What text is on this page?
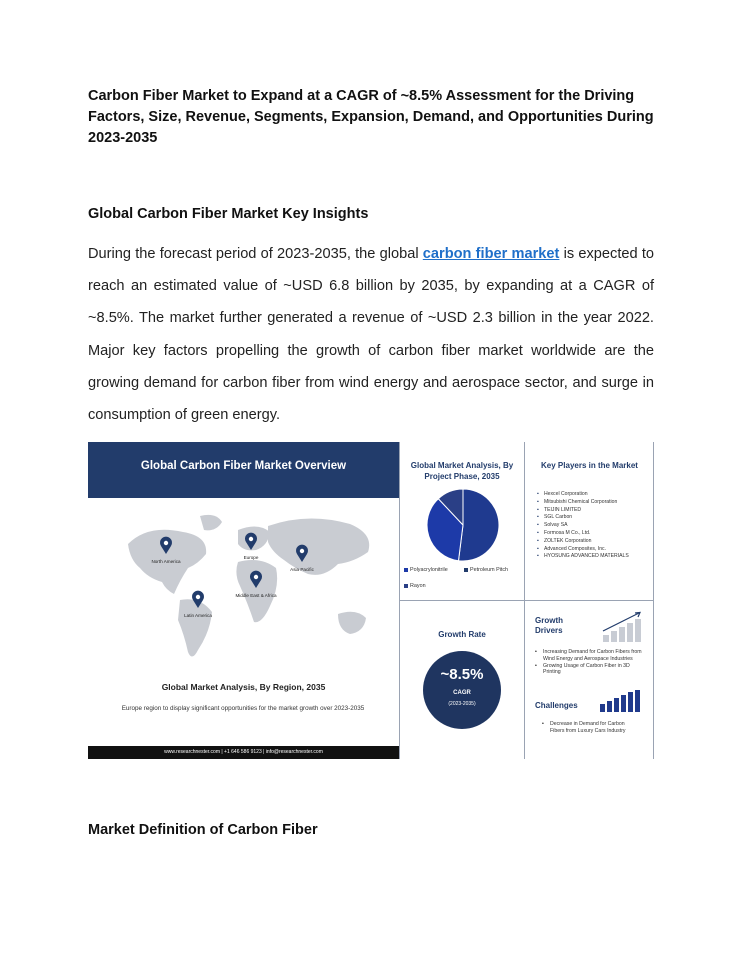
Carbon Fiber Market to Expand at a CAGR of ~8.5% Assessment for the Driving Factors, Size, Revenue, Segments, Expansion, Demand, and Opportunities During 2023-2035
Global Carbon Fiber Market Key Insights

During the forecast period of 2023-2035, the global carbon fiber market is expected to reach an estimated value of ~USD 6.8 billion by 2035, by expanding at a CAGR of ~8.5%. The market further generated a revenue of ~USD 2.3 billion in the year 2022. Major key factors propelling the growth of carbon fiber market worldwide are the growing demand for carbon fiber from wind energy and aerospace sector, and surge in consumption of green energy.

Global Carbon Fiber Market Overview
North America
Europe
Asia Pacific
Middle East & Africa
Latin America
Global Market Analysis, By Region, 2035
Europe region to display significant opportunities for the market growth over 2023-2035
www.researchnester.com | +1 646 586 9123 | info@researchnester.com
Global Market Analysis, By Project Phase, 2035
Polyacrylonitrile	Petroleum Pitch
Rayon
Growth Rate
~8.5%
CAGR
(2023-2035)
Key Players in the Market
▪ Hexcel Corporation
▪ Mitsubishi Chemical Corporation
▪ TEIJIN LIMITED
▪ SGL Carbon
▪ Solvay SA
▪ Formosa M Co., Ltd.
▪ ZOLTEK Corporation
▪ Advanced Composites, Inc.
▪ HYOSUNG ADVANCED MATERIALS
Growth Drivers
• Increasing Demand for Carbon Fibers from Wind Energy and Aerospace Industries
• Growing Usage of Carbon Fiber in 3D Printing
Challenges
• Decrease in Demand for Carbon Fibers from Luxury Cars Industry
Market Definition of Carbon Fiber
